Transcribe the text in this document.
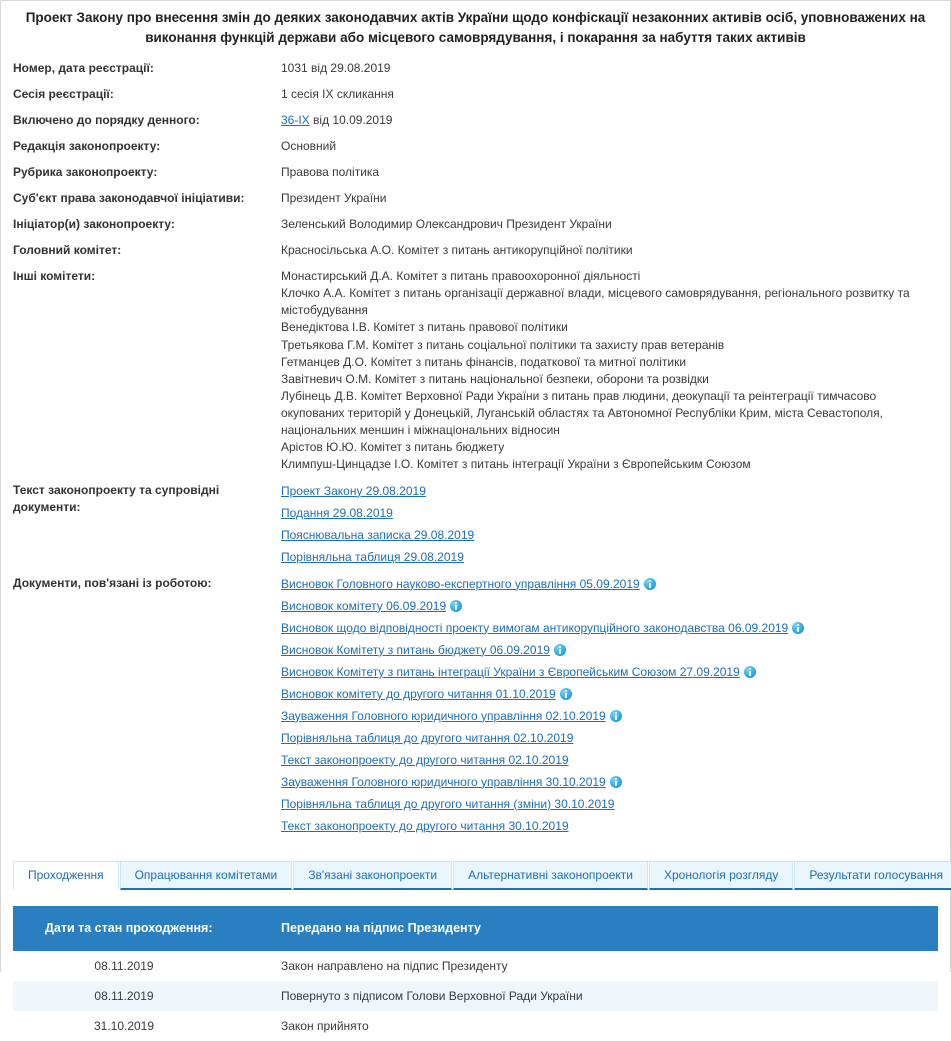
Проект Закону про внесення змін до деяких законодавчих актів України щодо конфіскації незаконних активів осіб, уповноважених на виконання функцій держави або місцевого самоврядування, і покарання за набуття таких активів
Номер, дата реєстрації:	1031 від 29.08.2019
Сесія реєстрації:	1 сесія IX скликання
Включено до порядку денного:	36-IX від 10.09.2019
Редакція законопроекту:	Основний
Рубрика законопроекту:	Правова політика
Суб'єкт права законодавчої ініціативи:	Президент України
Ініціатор(и) законопроекту:	Зеленський Володимир Олександрович Президент України
Головний комітет:	Красносільська А.О. Комітет з питань антикорупційної політики
Інші комітети:	Монастирський Д.А. Комітет з питань правоохоронної діяльності
Клочко А.А. Комітет з питань організації державної влади, місцевого самоврядування, регіонального розвитку та містобудування
Венедіктова І.В. Комітет з питань правової політики
Третьякова Г.М. Комітет з питань соціальної політики та захисту прав ветеранів
Гетманцев Д.О. Комітет з питань фінансів, податкової та митної політики
Завітневич О.М. Комітет з питань національної безпеки, оборони та розвідки
Лубінець Д.В. Комітет Верховної Ради України з питань прав людини, деокупації та реінтеграції тимчасово окупованих територій у Донецькій, Луганській областях та Автономної Республіки Крим, міста Севастополя, національних меншин і міжнаціональних відносин
Арістов Ю.Ю. Комітет з питань бюджету
Климпуш-Цинцадзе І.О. Комітет з питань інтеграції України з Європейським Союзом

Текст законопроекту та супровідні документи:	Проект Закону 29.08.2019
Подання 29.08.2019
Пояснювальна записка 29.08.2019
Порівняльна таблиця 29.08.2019

Документи, пов'язані із роботою:	Висновок Головного науково-експертного управління 05.09.2019
Висновок комітету 06.09.2019
Висновок щодо відповідності проекту вимогам антикорупційного законодавства 06.09.2019
Висновок Комітету з питань бюджету 06.09.2019
Висновок Комітету з питань інтеграції України з Європейським Союзом 27.09.2019
Висновок комітету до другого читання 01.10.2019
Зауваження Головного юридичного управління 02.10.2019
Порівняльна таблиця до другого читання 02.10.2019
Текст законопроекту до другого читання 02.10.2019
Зауваження Головного юридичного управління 30.10.2019
Порівняльна таблиця до другого читання (зміни) 30.10.2019
Текст законопроекту до другого читання 30.10.2019
Проходження	Опрацювання комітетами	Зв'язані законопроекти	Альтернативні законопроекти	Хронологія розгляду	Результати голосування
Дати та стан проходження:	Передано на підпис Президенту
08.11.2019	Закон направлено на підпис Президенту
08.11.2019	Повернуто з підписом Голови Верховної Ради України
31.10.2019	Закон прийнято
